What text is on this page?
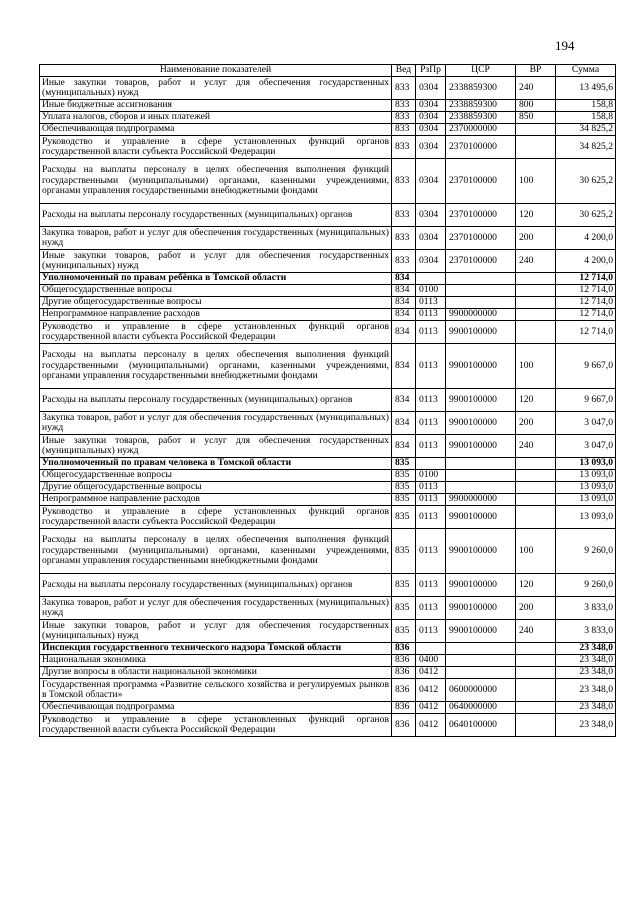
194
Наименование показателей	Вед	РзПр	ЦСР	ВР	Сумма
Иные закупки товаров, работ и услуг для обеспечения государственных (муниципальных) нужд	833	0304	2338859300	240	13 495,6
Иные бюджетные ассигнования	833	0304	2338859300	800	158,8
Уплата налогов, сборов и иных платежей	833	0304	2338859300	850	158,8
Обеспечивающая подпрограмма	833	0304	2370000000		34 825,2
Руководство и управление в сфере установленных функций органов государственной власти субъекта Российской Федерации	833	0304	2370100000		34 825,2
Расходы на выплаты персоналу в целях обеспечения выполнения функций государственными (муниципальными) органами, казенными учреждениями, органами управления государственными внебюджетными фондами	833	0304	2370100000	100	30 625,2
Расходы на выплаты персоналу государственных (муниципальных) органов	833	0304	2370100000	120	30 625,2
Закупка товаров, работ и услуг для обеспечения государственных (муниципальных) нужд	833	0304	2370100000	200	4 200,0
Иные закупки товаров, работ и услуг для обеспечения государственных (муниципальных) нужд	833	0304	2370100000	240	4 200,0
Уполномоченный по правам ребёнка в Томской области	834				12 714,0
Общегосударственные вопросы	834	0100			12 714,0
Другие общегосударственные вопросы	834	0113			12 714,0
Непрограммное направление расходов	834	0113	9900000000		12 714,0
Руководство и управление в сфере установленных функций органов государственной власти субъекта Российской Федерации	834	0113	9900100000		12 714,0
Расходы на выплаты персоналу в целях обеспечения выполнения функций государственными (муниципальными) органами, казенными учреждениями, органами управления государственными внебюджетными фондами	834	0113	9900100000	100	9 667,0
Расходы на выплаты персоналу государственных (муниципальных) органов	834	0113	9900100000	120	9 667,0
Закупка товаров, работ и услуг для обеспечения государственных (муниципальных) нужд	834	0113	9900100000	200	3 047,0
Иные закупки товаров, работ и услуг для обеспечения государственных (муниципальных) нужд	834	0113	9900100000	240	3 047,0
Уполномоченный по правам человека в Томской области	835				13 093,0
Общегосударственные вопросы	835	0100			13 093,0
Другие общегосударственные вопросы	835	0113			13 093,0
Непрограммное направление расходов	835	0113	9900000000		13 093,0
Руководство и управление в сфере установленных функций органов государственной власти субъекта Российской Федерации	835	0113	9900100000		13 093,0
Расходы на выплаты персоналу в целях обеспечения выполнения функций государственными (муниципальными) органами, казенными учреждениями, органами управления государственными внебюджетными фондами	835	0113	9900100000	100	9 260,0
Расходы на выплаты персоналу государственных (муниципальных) органов	835	0113	9900100000	120	9 260,0
Закупка товаров, работ и услуг для обеспечения государственных (муниципальных) нужд	835	0113	9900100000	200	3 833,0
Иные закупки товаров, работ и услуг для обеспечения государственных (муниципальных) нужд	835	0113	9900100000	240	3 833,0
Инспекция государственного технического надзора Томской области	836				23 348,0
Национальная экономика	836	0400			23 348,0
Другие вопросы в области национальной экономики	836	0412			23 348,0
Государственная программа «Развитие сельского хозяйства и регулируемых рынков в Томской области»	836	0412	0600000000		23 348,0
Обеспечивающая подпрограмма	836	0412	0640000000		23 348,0
Руководство и управление в сфере установленных функций органов государственной власти субъекта Российской Федерации	836	0412	0640100000		23 348,0
